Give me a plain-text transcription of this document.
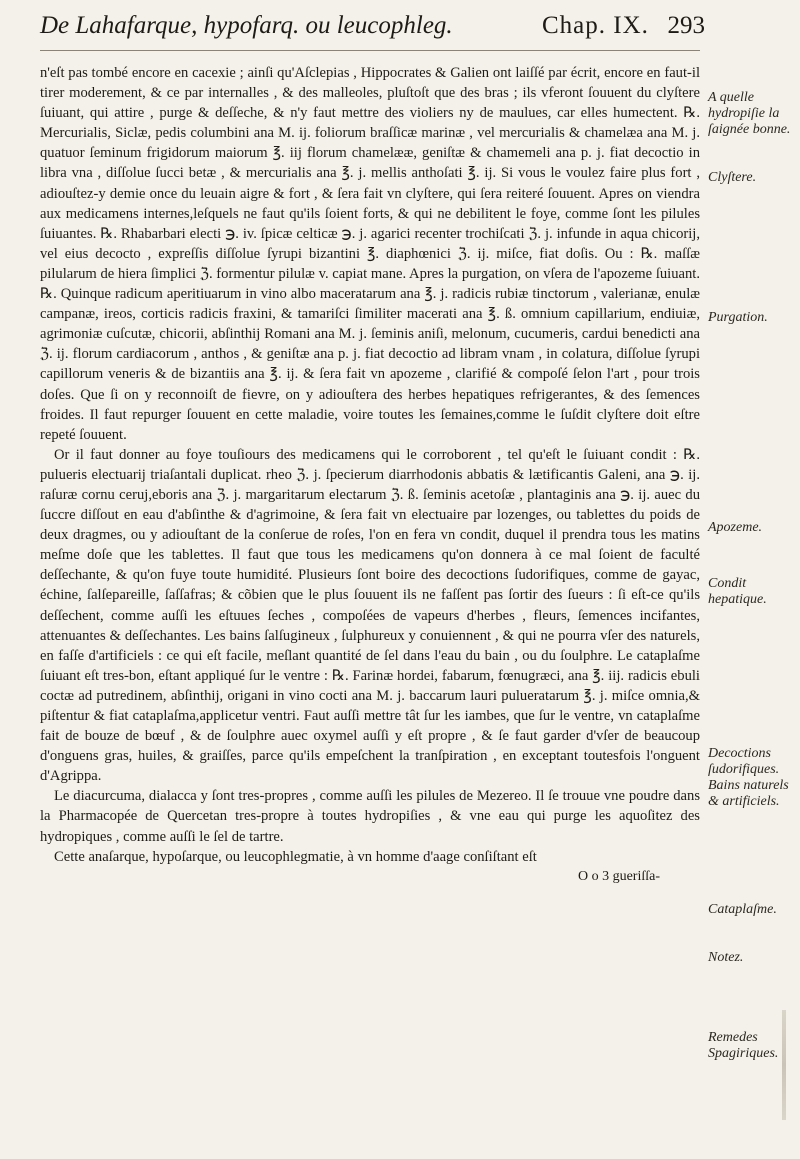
De Lahafarque, hypofarq. ou leucophleg.	Chap. IX. 293

n'eſt pas tombé encore en cacexie ; ainſi qu'Aſclepias , Hippocrates & Galien ont laiſſé par écrit, encore en faut-il tirer moderement, & ce par internalles , & des malleoles, pluſtoſt que des bras ; ils vferont ſouuent du clyſtere ſuiuant, qui attire , purge & deſſeche, & n'y faut mettre des violiers ny de maulues, car elles humectent. ℞. Mercurialis, Siclæ, pedis columbini ana M. ij. foliorum braſſicæ marinæ , vel mercurialis & chamelæa ana M. j. quatuor ſeminum frigidorum maiorum ℥. iij florum chamelææ, geniſtæ & chamemeli ana p. j. fiat decoctio in libra vna , diſſolue ſucci betæ , & mercurialis ana ℥. j. mellis anthoſati ℥. ij. Si vous le voulez faire plus fort , adiouſtez-y demie once du leuain aigre & fort , & ſera fait vn clyſtere, qui ſera reiteré ſouuent. Apres on viendra aux medicamens internes,leſquels ne faut qu'ils ſoient forts, & qui ne debilitent le foye, comme ſont les pilules ſuiuantes. ℞. Rhabarbari electi ℈. iv. ſpicæ celticæ ℈. j. agarici recenter trochiſcati ℨ. j. infunde in aqua chicorij, vel eius decocto , expreſſis diſſolue ſyrupi bizantini ℥. diaphœnici ℨ. ij. miſce, fiat doſis. Ou : ℞. maſſæ pilularum de hiera ſimplici ℨ. formentur pilulæ v. capiat mane. Apres la purgation, on vſera de l'apozeme ſuiuant. ℞. Quinque radicum aperitiuarum in vino albo maceratarum ana ℥. j. radicis rubiæ tinctorum , valerianæ, enulæ campanæ, ireos, corticis radicis fraxini, & tamariſci ſimiliter macerati ana ℥. ß. omnium capillarium, endiuiæ, agrimoniæ cuſcutæ, chicorii, abſinthij Romani ana M. j. ſeminis aniſi, melonum, cucumeris, cardui benedicti ana ℨ. ij. florum cardiacorum , anthos , & geniſtæ ana p. j. fiat decoctio ad libram vnam , in colatura, diſſolue ſyrupi capillorum veneris & de bizantiis ana ℥. ij. & ſera fait vn apozeme , clarifié & compoſé ſelon l'art , pour trois doſes. Que ſi on y reconnoiſt de fievre, on y adiouſtera des herbes hepatiques refrigerantes, & des ſemences froides. Il faut repurger ſouuent en cette maladie, voire toutes les ſemaines,comme le ſuſdit clyſtere doit eſtre repeté ſouuent.

Or il faut donner au foye touſiours des medicamens qui le corroborent , tel qu'eſt le ſuiuant condit : ℞. pulueris electuarij triaſantali duplicat. rheo ℨ. j. ſpecierum diarrhodonis abbatis & lætificantis Galeni, ana ℈. ij. raſuræ cornu ceruj,eboris ana ℨ. j. margaritarum electarum ℨ. ß. ſeminis acetoſæ , plantaginis ana ℈. ij. auec du ſuccre diſſout en eau d'abſinthe & d'agrimoine, & ſera fait vn electuaire par lozenges, ou tablettes du poids de deux dragmes, ou y adiouſtant de la conſerue de roſes, l'on en fera vn condit, duquel il prendra tous les matins meſme doſe que les tablettes. Il faut que tous les medicamens qu'on donnera à ce mal ſoient de faculté deſſechante, & qu'on fuye toute humidité. Plusieurs ſont boire des decoctions ſudorifiques, comme de gayac, échine, ſalſepareille, ſaſſafras; & cõbien que le plus ſouuent ils ne faſſent pas ſortir des ſueurs : ſi eſt-ce qu'ils deſſechent, comme auſſi les eſtuues ſeches , compoſées de vapeurs d'herbes , fleurs, ſemences incifantes, attenuantes & deſſechantes. Les bains ſalſugineux , ſulphureux y conuiennent , & qui ne pourra vſer des naturels, en faſſe d'artificiels : ce qui eſt facile, meſlant quantité de ſel dans l'eau du bain , ou du ſoulphre. Le cataplaſme ſuiuant eſt tres-bon, eſtant appliqué ſur le ventre : ℞. Farinæ hordei, fabarum, fœnugræci, ana ℥. iij. radicis ebuli coctæ ad putredinem, abſinthij, origani in vino cocti ana M. j. baccarum lauri pulueratarum ℥. j. miſce omnia,& piſtentur & fiat cataplaſma,applicetur ventri. Faut auſſi mettre tât ſur les iambes, que ſur le ventre, vn cataplaſme fait de bouze de bœuf , & de ſoulphre auec oxymel auſſi y eſt propre , & ſe faut garder d'vſer de beaucoup d'onguens gras, huiles, & graiſſes, parce qu'ils empeſchent la tranſpiration , en exceptant toutesfois l'onguent d'Agrippa.

Le diacurcuma, dialacca y ſont tres-propres , comme auſſi les pilules de Mezereo. Il ſe trouue vne poudre dans la Pharmacopée de Quercetan tres-propre à toutes hydropiſies , & vne eau qui purge les aquoſitez des hydropiques , comme auſſi le ſel de tartre.

Cette anaſarque, hypoſarque, ou leucophlegmatie, à vn homme d'aage conſiſtant eſt

O o 3 gueriſſa-
A quelle hydropiſie la ſaignée bonne.
Clyſtere.
Purgation.
Apozeme.
Condit hepatique.
Decoctions ſudorifiques. Bains naturels & artificiels.
Cataplaſme.
Notez.
Remedes Spagiriques.
